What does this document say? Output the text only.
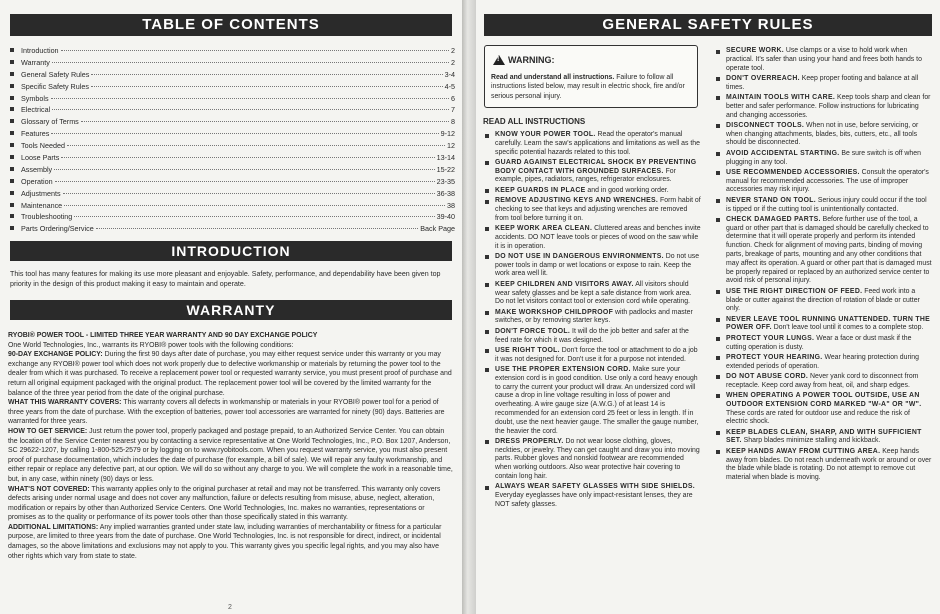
TABLE OF CONTENTS
Introduction	2
Warranty	2
General Safety Rules	3-4
Specific Safety Rules	4-5
Symbols	6
Electrical	7
Glossary of Terms	8
Features	9-12
Tools Needed	12
Loose Parts	13-14
Assembly	15-22
Operation	23-35
Adjustments	36-38
Maintenance	38
Troubleshooting	39-40
Parts Ordering/Service	Back Page
INTRODUCTION
This tool has many features for making its use more pleasant and enjoyable. Safety, performance, and dependability have been given top priority in the design of this product making it easy to maintain and operate.
WARRANTY
RYOBI® POWER TOOL - LIMITED THREE YEAR WARRANTY AND 90 DAY EXCHANGE POLICY
One World Technologies, Inc., warrants its RYOBI® power tools with the following conditions:
90-DAY EXCHANGE POLICY: During the first 90 days after date of purchase, you may either request service under this warranty or you may exchange any RYOBI® power tool which does not work properly due to defective workmanship or materials by returning the power tool to the dealer from which it was purchased. To receive a replacement power tool or requested warranty service, you must present proof of purchase and return all original equipment packaged with the original product. The replacement power tool will be covered by the limited warranty for the balance of the three year period from the date of the original purchase.
WHAT THIS WARRANTY COVERS: This warranty covers all defects in workmanship or materials in your RYOBI® power tool for a period of three years from the date of purchase. With the exception of batteries, power tool accessories are warranted for ninety (90) days. Batteries are warranted for three years.
HOW TO GET SERVICE: Just return the power tool, properly packaged and postage prepaid, to an Authorized Service Center. You can obtain the location of the Service Center nearest you by contacting a service representative at One World Technologies, Inc., P.O. Box 1207, Anderson, SC 29622-1207, by calling 1-800-525-2579 or by logging on to www.ryobitools.com. When you request warranty service, you must also present proof of purchase documentation, which includes the date of purchase (for example, a bill of sale). We will repair any faulty workmanship, and either repair or replace any defective part, at our option. We will do so without any charge to you. We will complete the work in a reasonable time, but, in any case, within ninety (90) days or less.
WHAT'S NOT COVERED: This warranty applies only to the original purchaser at retail and may not be transferred. This warranty only covers defects arising under normal usage and does not cover any malfunction, failure or defects resulting from misuse, abuse, neglect, alteration, modification or repairs by other than Authorized Service Centers. One World Technologies, Inc. makes no warranties, representations or promises as to the quality or performance of its power tools other than those specifically stated in this warranty.
ADDITIONAL LIMITATIONS: Any implied warranties granted under state law, including warranties of merchantability or fitness for a particular purpose, are limited to three years from the date of purchase. One World Technologies, Inc. is not responsible for direct, indirect, or incidental damages, so the above limitations and exclusions may not apply to you. This warranty gives you specific legal rights, and you may also have other rights which vary from state to state.
2
GENERAL SAFETY RULES
! WARNING:
Read and understand all instructions. Failure to follow all instructions listed below, may result in electric shock, fire and/or serious personal injury.
READ ALL INSTRUCTIONS
KNOW YOUR POWER TOOL. Read the operator's manual carefully. Learn the saw's applications and limitations as well as the specific potential hazards related to this tool.
GUARD AGAINST ELECTRICAL SHOCK BY PREVENTING BODY CONTACT WITH GROUNDED SURFACES. For example, pipes, radiators, ranges, refrigerator enclosures.
KEEP GUARDS IN PLACE and in good working order.
REMOVE ADJUSTING KEYS AND WRENCHES. Form habit of checking to see that keys and adjusting wrenches are removed from tool before turning it on.
KEEP WORK AREA CLEAN. Cluttered areas and benches invite accidents. DO NOT leave tools or pieces of wood on the saw while it is in operation.
DO NOT USE IN DANGEROUS ENVIRONMENTS. Do not use power tools in damp or wet locations or expose to rain. Keep the work area well lit.
KEEP CHILDREN AND VISITORS AWAY. All visitors should wear safety glasses and be kept a safe distance from work area. Do not let visitors contact tool or extension cord while operating.
MAKE WORKSHOP CHILDPROOF with padlocks and master switches, or by removing starter keys.
DON'T FORCE TOOL. It will do the job better and safer at the feed rate for which it was designed.
USE RIGHT TOOL. Don't force the tool or attachment to do a job it was not designed for. Don't use it for a purpose not intended.
USE THE PROPER EXTENSION CORD. Make sure your extension cord is in good condition. Use only a cord heavy enough to carry the current your product will draw. An undersized cord will cause a drop in line voltage resulting in loss of power and overheating. A wire gauge size (A.W.G.) of at least 14 is recommended for an extension cord 25 feet or less in length. If in doubt, use the next heavier gauge. The smaller the gauge number, the heavier the cord.
DRESS PROPERLY. Do not wear loose clothing, gloves, neckties, or jewelry. They can get caught and draw you into moving parts. Rubber gloves and nonskid footwear are recommended when working outdoors. Also wear protective hair covering to contain long hair.
ALWAYS WEAR SAFETY GLASSES WITH SIDE SHIELDS. Everyday eyeglasses have only impact-resistant lenses, they are NOT safety glasses.
SECURE WORK. Use clamps or a vise to hold work when practical. It's safer than using your hand and frees both hands to operate tool.
DON'T OVERREACH. Keep proper footing and balance at all times.
MAINTAIN TOOLS WITH CARE. Keep tools sharp and clean for better and safer performance. Follow instructions for lubricating and changing accessories.
DISCONNECT TOOLS. When not in use, before servicing, or when changing attachments, blades, bits, cutters, etc., all tools should be disconnected.
AVOID ACCIDENTAL STARTING. Be sure switch is off when plugging in any tool.
USE RECOMMENDED ACCESSORIES. Consult the operator's manual for recommended accessories. The use of improper accessories may risk injury.
NEVER STAND ON TOOL. Serious injury could occur if the tool is tipped or if the cutting tool is unintentionally contacted.
CHECK DAMAGED PARTS. Before further use of the tool, a guard or other part that is damaged should be carefully checked to determine that it will operate properly and perform its intended function. Check for alignment of moving parts, binding of moving parts, breakage of parts, mounting and any other conditions that may affect its operation. A guard or other part that is damaged must be properly repaired or replaced by an authorized service center to avoid risk of personal injury.
USE THE RIGHT DIRECTION OF FEED. Feed work into a blade or cutter against the direction of rotation of blade or cutter only.
NEVER LEAVE TOOL RUNNING UNATTENDED. TURN THE POWER OFF. Don't leave tool until it comes to a complete stop.
PROTECT YOUR LUNGS. Wear a face or dust mask if the cutting operation is dusty.
PROTECT YOUR HEARING. Wear hearing protection during extended periods of operation.
DO NOT ABUSE CORD. Never yank cord to disconnect from receptacle. Keep cord away from heat, oil, and sharp edges.
WHEN OPERATING A POWER TOOL OUTSIDE, USE AN OUTDOOR EXTENSION CORD MARKED "W-A" OR "W". These cords are rated for outdoor use and reduce the risk of electric shock.
KEEP BLADES CLEAN, SHARP, AND WITH SUFFICIENT SET. Sharp blades minimize stalling and kickback.
KEEP HANDS AWAY FROM CUTTING AREA. Keep hands away from blades. Do not reach underneath work or around or over the blade while blade is rotating. Do not attempt to remove cut material when blade is moving.
